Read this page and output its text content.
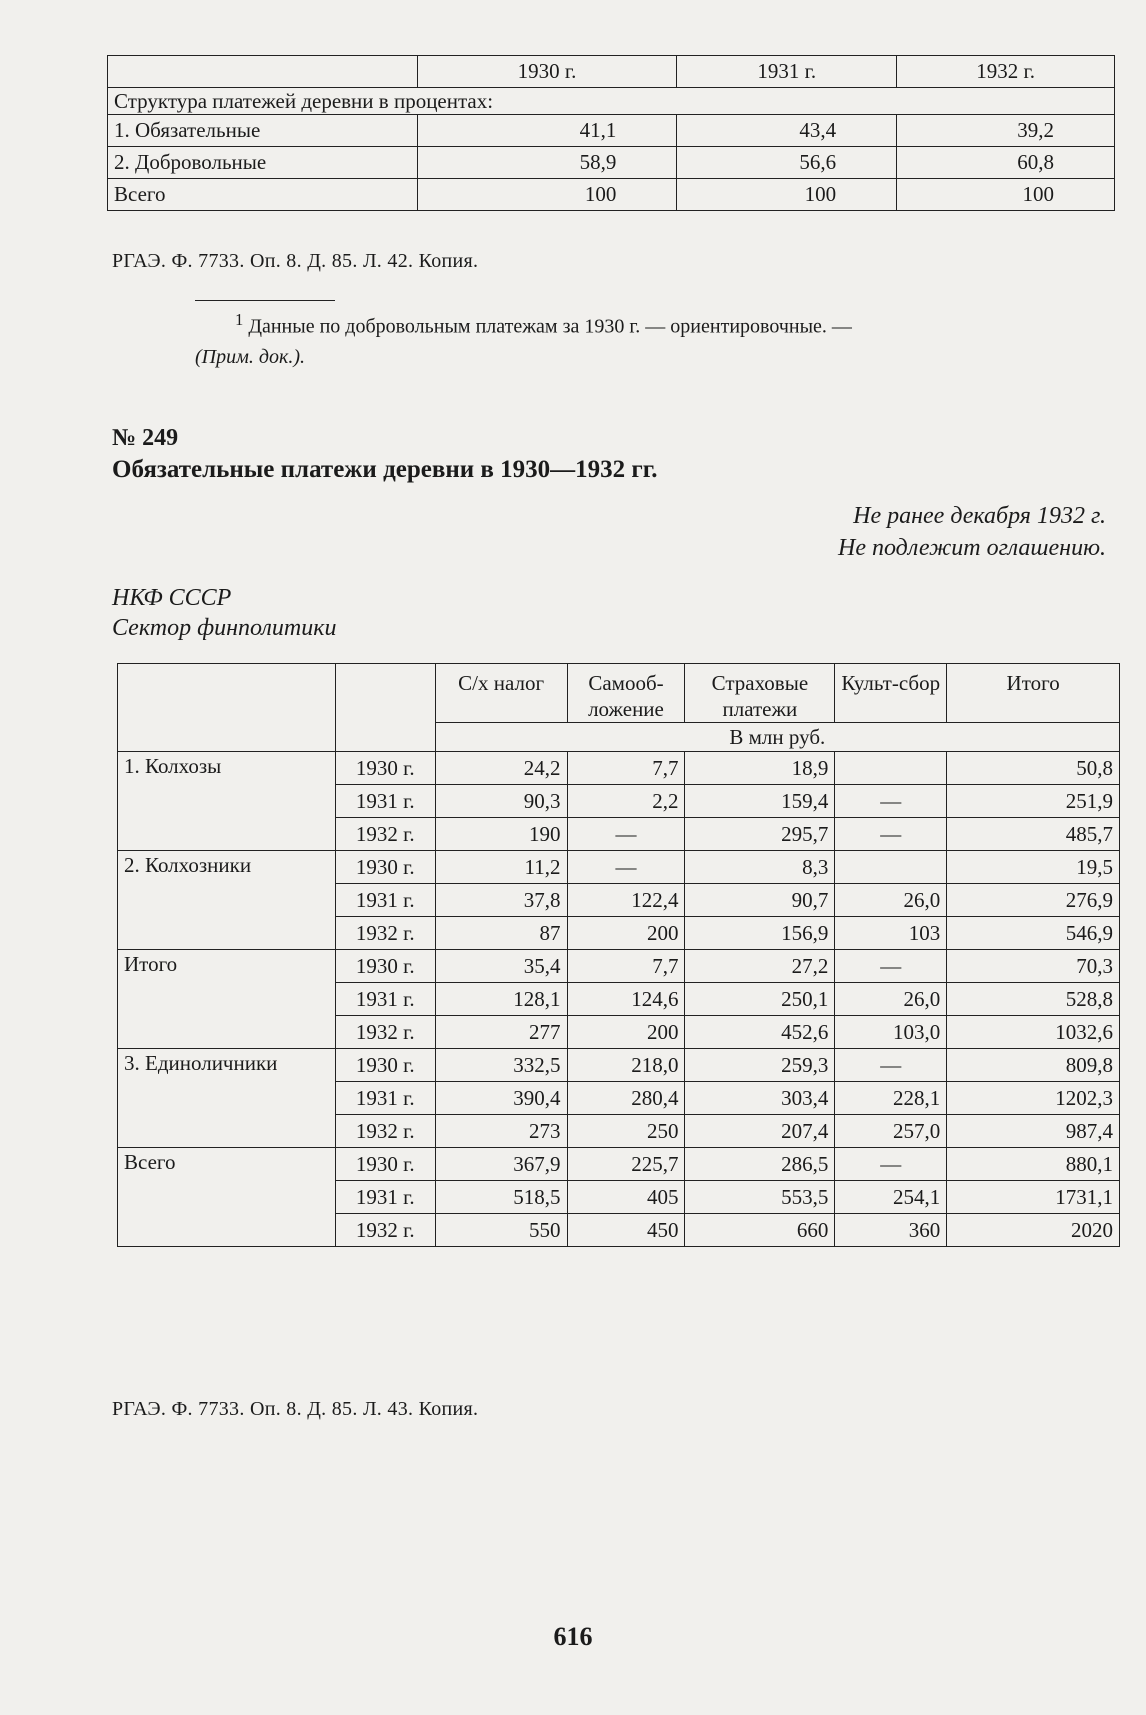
	1930 г.	1931 г.	1932 г.
Структура платежей деревни в процентах:			
1. Обязательные	41,1	43,4	39,2
2. Добровольные	58,9	56,6	60,8
Всего	100	100	100
РГАЭ. Ф. 7733. Оп. 8. Д. 85. Л. 42. Копия.
$^1$ Данные по добровольным платежам за 1930 г. — ориентировочные. —
(Прим. док.).
№ 249
Обязательные платежи деревни в 1930—1932 гг.
Не ранее декабря 1932 г.
Не подлежит оглашению.
НКФ СССР
Сектор финполитики
		С/х налог	Самооб-ложение	Страховые платежи	Культ-сбор	Итого
		В млн руб.				
1. Колхозы	1930 г.	24,2	7,7	18,9		50,8
	1931 г.	90,3	2,2	159,4	—	251,9
	1932 г.	190	—	295,7	—	485,7
2. Колхозники	1930 г.	11,2	—	8,3		19,5
	1931 г.	37,8	122,4	90,7	26,0	276,9
	1932 г.	87	200	156,9	103	546,9
Итого	1930 г.	35,4	7,7	27,2	—	70,3
	1931 г.	128,1	124,6	250,1	26,0	528,8
	1932 г.	277	200	452,6	103,0	1032,6
3. Единоличники	1930 г.	332,5	218,0	259,3	—	809,8
	1931 г.	390,4	280,4	303,4	228,1	1202,3
	1932 г.	273	250	207,4	257,0	987,4
Всего	1930 г.	367,9	225,7	286,5	—	880,1
	1931 г.	518,5	405	553,5	254,1	1731,1
	1932 г.	550	450	660	360	2020
РГАЭ. Ф. 7733. Оп. 8. Д. 85. Л. 43. Копия.
616
